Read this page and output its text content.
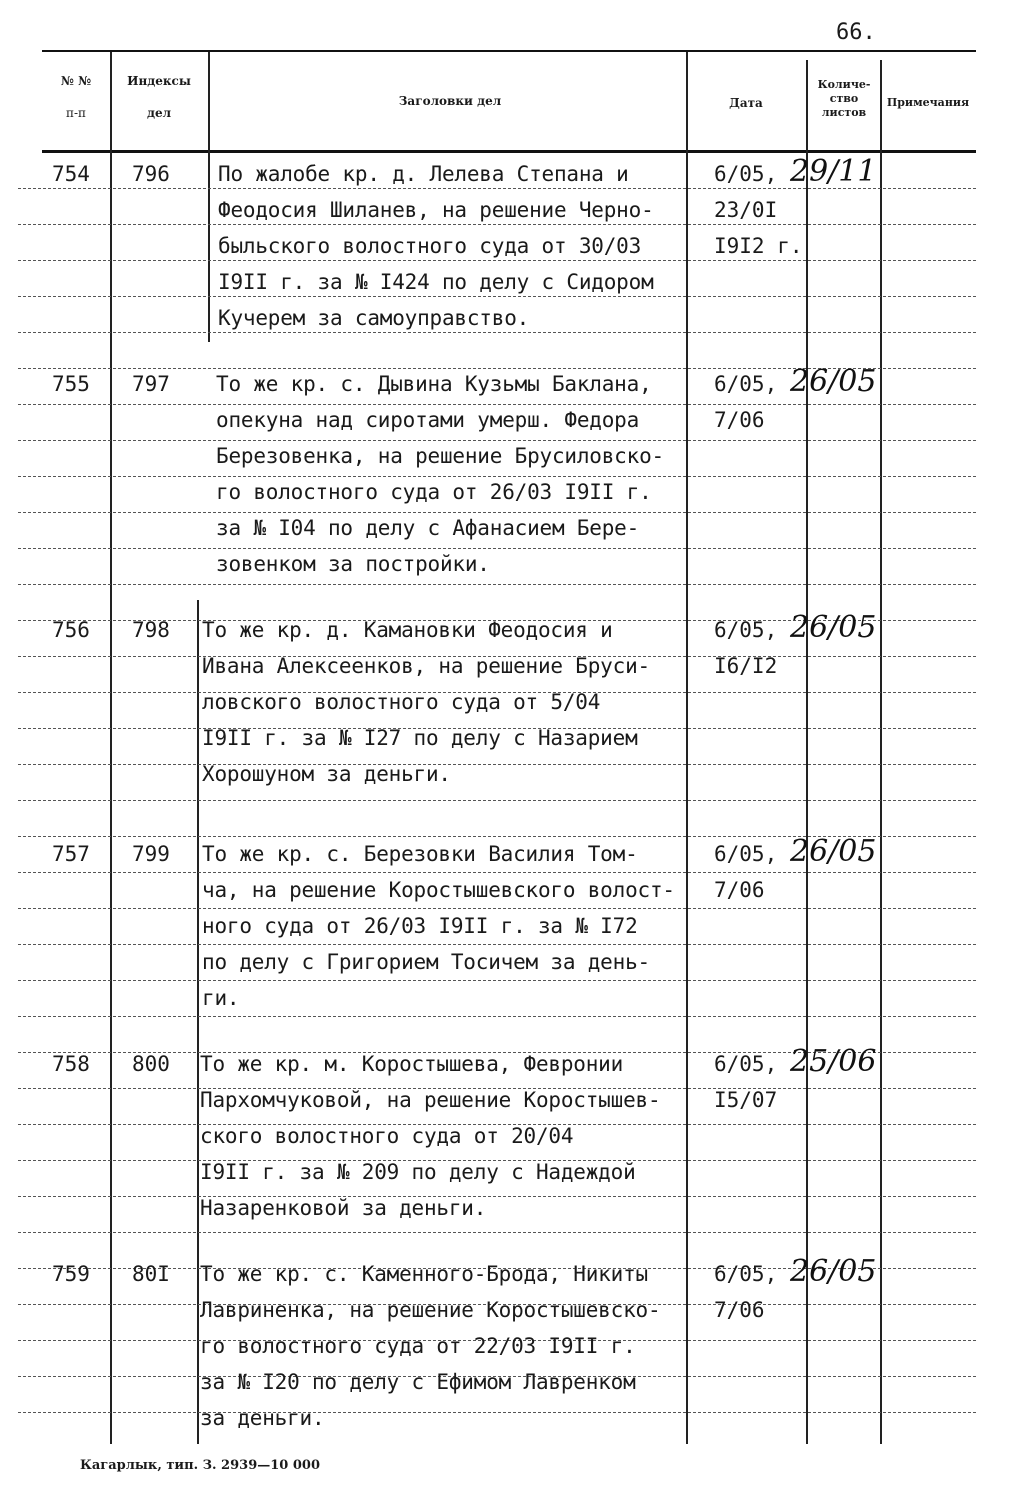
66.
№ №
п-п
Индексы
дел
Заголовки дел	Дата
Количе-
ство
листов
Примечания
754 796 По жалобе кр. д. Лелева Степана и
Феодосия Шиланев, на решение Черно-
быльского волостного суда от 30/03
I9II г. за № I424 по делу с Сидором
Кучерем за самоуправство.
6/05,
23/0I
I9I2 г.
29/11
755 797 То же кр. с. Дывина Кузьмы Баклана,
опекуна над сиротами умерш. Федора
Березовенка, на решение Брусиловско-
го волостного суда от 26/03 I9II г.
за № I04 по делу с Афанасием Бере-
зовенком за постройки.
6/05,
7/06
26/05
756 798 То же кр. д. Камановки Феодосия и
Ивана Алексеенков, на решение Бруси-
ловского волостного суда от 5/04
I9II г. за № I27 по делу с Назарием
Хорошуном за деньги.
6/05,
I6/I2
26/05
757 799 То же кр. с. Березовки Василия Том-
ча, на решение Коростышевского волост-
ного суда от 26/03 I9II г. за № I72
по делу с Григорием Тосичем за день-
ги.
6/05,
7/06
26/05
758 800 То же кр. м. Коростышева, Февронии
Пархомчуковой, на решение Коростышев-
ского волостного суда от 20/04
I9II г. за № 209 по делу с Надеждой
Назаренковой за деньги.
6/05,
I5/07
25/06
759 80I То же кр. с. Каменного-Брода, Никиты
Лавриненка, на решение Коростышевско-
го волостного суда от 22/03 I9II г.
за № I20 по делу с Ефимом Лавренком
за деньги.
6/05,
7/06
26/05
Кагарлык, тип. З. 2939—10 000
